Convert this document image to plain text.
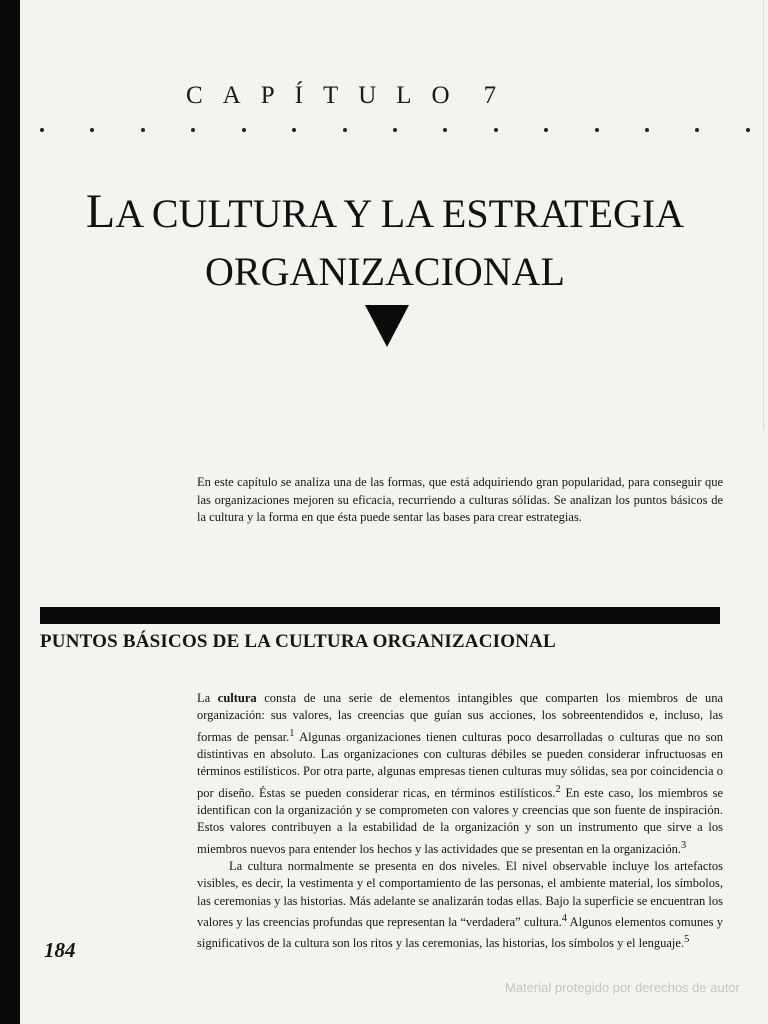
CAPÍTULO 7
LA CULTURA Y LA ESTRATEGIA
ORGANIZACIONAL
En este capítulo se analiza una de las formas, que está adquiriendo gran popularidad, para conseguir que las organizaciones mejoren su eficacia, recurriendo a culturas sólidas. Se analizan los puntos básicos de la cultura y la forma en que ésta puede sentar las bases para crear estrategias.
PUNTOS BÁSICOS DE LA CULTURA ORGANIZACIONAL

La cultura consta de una serie de elementos intangibles que comparten los miembros de una organización: sus valores, las creencias que guían sus acciones, los sobreentendidos e, incluso, las formas de pensar.$^1$ Algunas organizaciones tienen culturas poco desarrolladas o culturas que no son distintivas en absoluto. Las organizaciones con culturas débiles se pueden considerar infructuosas en términos estilísticos. Por otra parte, algunas empresas tienen culturas muy sólidas, sea por coincidencia o por diseño. Éstas se pueden considerar ricas, en términos estilísticos.$^2$ En este caso, los miembros se identifican con la organización y se comprometen con valores y creencias que son fuente de inspiración. Estos valores contribuyen a la estabilidad de la organización y son un instrumento que sirve a los miembros nuevos para entender los hechos y las actividades que se presentan en la organización.$^3$

La cultura normalmente se presenta en dos niveles. El nivel observable incluye los artefactos visibles, es decir, la vestimenta y el comportamiento de las personas, el ambiente material, los símbolos, las ceremonias y las historias. Más adelante se analizarán todas ellas. Bajo la superficie se encuentran los valores y las creencias profundas que representan la “verdadera” cultura.$^4$ Algunos elementos comunes y significativos de la cultura son los ritos y las ceremonias, las historias, los símbolos y el lenguaje.$^5$

184
Material protegido por derechos de autor
